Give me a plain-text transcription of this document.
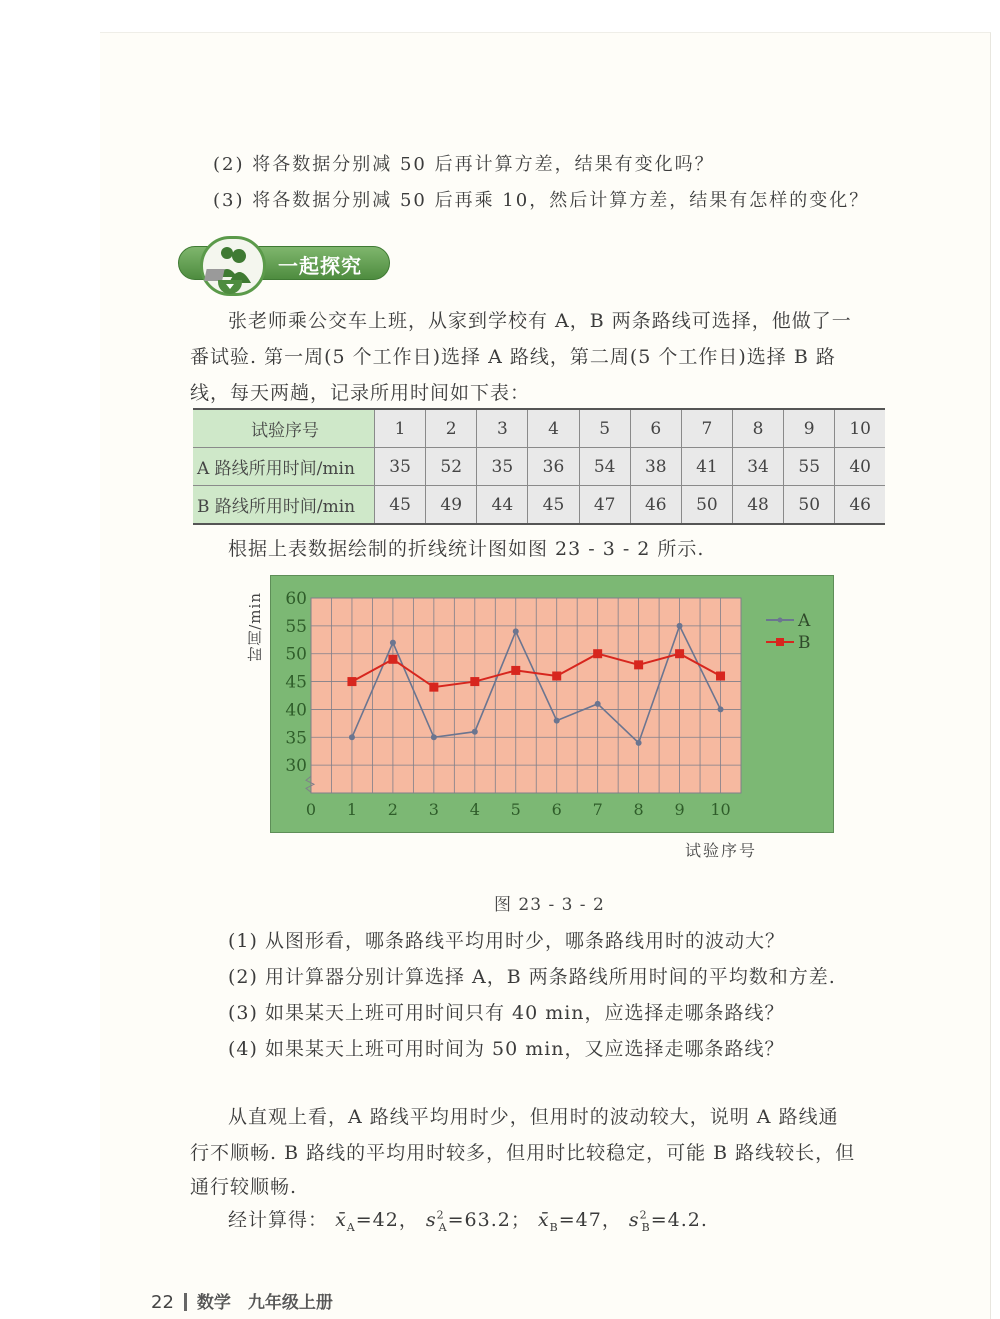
(2) 将各数据分别减 50 后再计算方差，结果有变化吗？
(3) 将各数据分别减 50 后再乘 10，然后计算方差，结果有怎样的变化？
一起探究
张老师乘公交车上班，从家到学校有 A，B 两条路线可选择，他做了一
番试验. 第一周(5 个工作日)选择 A 路线，第二周(5 个工作日)选择 B 路
线，每天两趟，记录所用时间如下表：
试验序号	1	2	3	4	5	6	7	8	9	10
A 路线所用时间/min	35	52	35	36	54	38	41	34	55	40
B 路线所用时间/min	45	49	44	45	47	46	50	48	50	46
根据上表数据绘制的折线统计图如图 23 - 3 - 2 所示.
时间/min
30
35
40
45
50
55
60
0 1 2 3 4 5 6 7 8 9 10
A
B
试验序号
图 23 - 3 - 2
(1) 从图形看，哪条路线平均用时少，哪条路线用时的波动大？
(2) 用计算器分别计算选择 A，B 两条路线所用时间的平均数和方差.
(3) 如果某天上班可用时间只有 40 min，应选择走哪条路线？
(4) 如果某天上班可用时间为 50 min，又应选择走哪条路线？
从直观上看，A 路线平均用时少，但用时的波动较大，说明 A 路线通
行不顺畅. B 路线的平均用时较多，但用时比较稳定，可能 B 路线较长，但
通行较顺畅.
经计算得： $x̄_A=42$， $s^2_A=63.2$； $x̄_B=47$， $s^2_B=4.2$.
22 数学　九年级上册
